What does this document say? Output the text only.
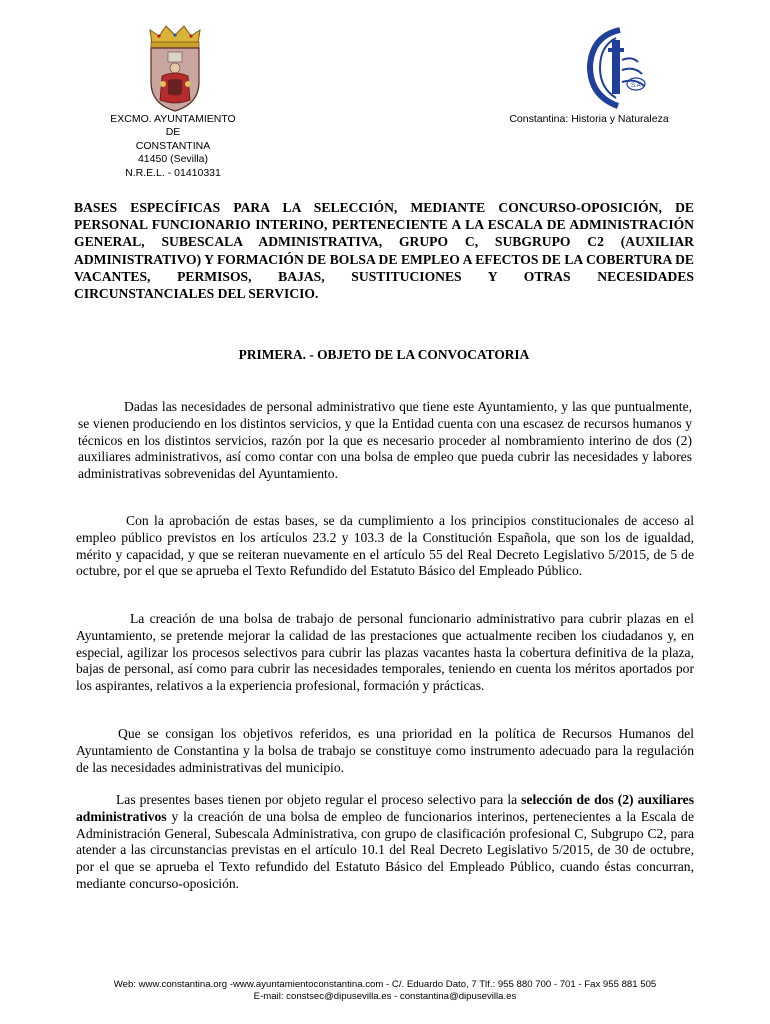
S.A
EXCMO. AYUNTAMIENTO
DE
CONSTANTINA
41450 (Sevilla)
N.R.E.L. - 01410331
Constantina: Historia y Naturaleza
BASES ESPECÍFICAS PARA LA SELECCIÓN, MEDIANTE CONCURSO-OPOSICIÓN, DE PERSONAL FUNCIONARIO INTERINO, PERTENECIENTE A LA ESCALA DE ADMINISTRACIÓN GENERAL, SUBESCALA ADMINISTRATIVA, GRUPO C, SUBGRUPO C2 (AUXILIAR ADMINISTRATIVO) Y FORMACIÓN DE BOLSA DE EMPLEO A EFECTOS DE LA COBERTURA DE VACANTES, PERMISOS, BAJAS, SUSTITUCIONES Y OTRAS NECESIDADES CIRCUNSTANCIALES DEL SERVICIO.
PRIMERA. - OBJETO DE LA CONVOCATORIA
Dadas las necesidades de personal administrativo que tiene este Ayuntamiento, y las que puntualmente, se vienen produciendo en los distintos servicios, y que la Entidad cuenta con una escasez de recursos humanos y técnicos en los distintos servicios, razón por la que es necesario proceder al nombramiento interino de dos (2) auxiliares administrativos, así como contar con una bolsa de empleo que pueda cubrir las necesidades y labores administrativas sobrevenidas del Ayuntamiento.
Con la aprobación de estas bases, se da cumplimiento a los principios constitucionales de acceso al empleo público previstos en los artículos 23.2 y 103.3 de la Constitución Española, que son los de igualdad, mérito y capacidad, y que se reiteran nuevamente en el artículo 55 del Real Decreto Legislativo 5/2015, de 5 de octubre, por el que se aprueba el Texto Refundido del Estatuto Básico del Empleado Público.
La creación de una bolsa de trabajo de personal funcionario administrativo para cubrir plazas en el Ayuntamiento, se pretende mejorar la calidad de las prestaciones que actualmente reciben los ciudadanos y, en especial, agilizar los procesos selectivos para cubrir las plazas vacantes hasta la cobertura definitiva de la plaza, bajas de personal, así como para cubrir las necesidades temporales, teniendo en cuenta los méritos aportados por los aspirantes, relativos a la experiencia profesional, formación y prácticas.
Que se consigan los objetivos referidos, es una prioridad en la política de Recursos Humanos del Ayuntamiento de Constantina y la bolsa de trabajo se constituye como instrumento adecuado para la regulación de las necesidades administrativas del municipio.
Las presentes bases tienen por objeto regular el proceso selectivo para la selección de dos (2) auxiliares administrativos y la creación de una bolsa de empleo de funcionarios interinos, pertenecientes a la Escala de Administración General, Subescala Administrativa, con grupo de clasificación profesional C, Subgrupo C2, para atender a las circunstancias previstas en el artículo 10.1 del Real Decreto Legislativo 5/2015, de 30 de octubre, por el que se aprueba el Texto refundido del Estatuto Básico del Empleado Público, cuando éstas concurran, mediante concurso-oposición.
Web: www.constantina.org -www.ayuntamientoconstantina.com - C/. Eduardo Dato, 7 Tlf.: 955 880 700 - 701 - Fax 955 881 505
E-mail: constsec@dipusevilla.es - constantina@dipusevilla.es
